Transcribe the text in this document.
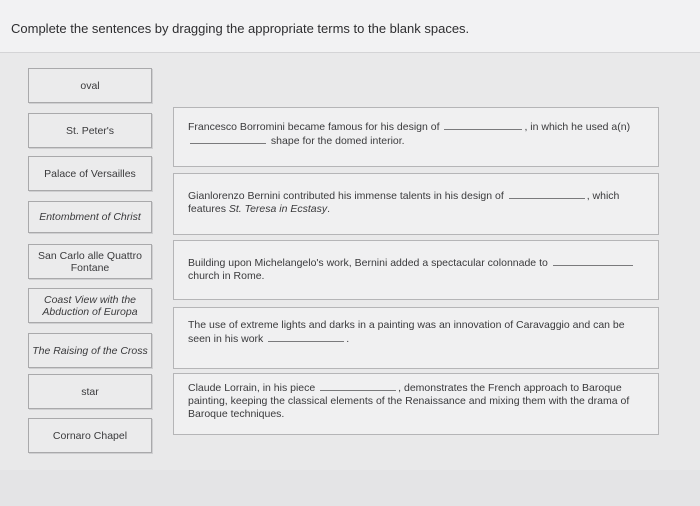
Complete the sentences by dragging the appropriate terms to the blank spaces.
oval
St. Peter's
Palace of Versailles
Entombment of Christ
San Carlo alle Quattro Fontane
Coast View with the Abduction of Europa
The Raising of the Cross
star
Cornaro Chapel
Francesco Borromini became famous for his design of	, in which he used a(n)  shape for the domed interior.
Gianlorenzo Bernini contributed his immense talents in his design of	, which features St. Teresa in Ecstasy.
Building upon Michelangelo's work, Bernini added a spectacular colonnade to  church in Rome.
The use of extreme lights and darks in a painting was an innovation of Caravaggio and can be seen in his work	.
Claude Lorrain, in his piece	, demonstrates the French approach to Baroque painting, keeping the classical elements of the Renaissance and mixing them with the drama of Baroque techniques.
